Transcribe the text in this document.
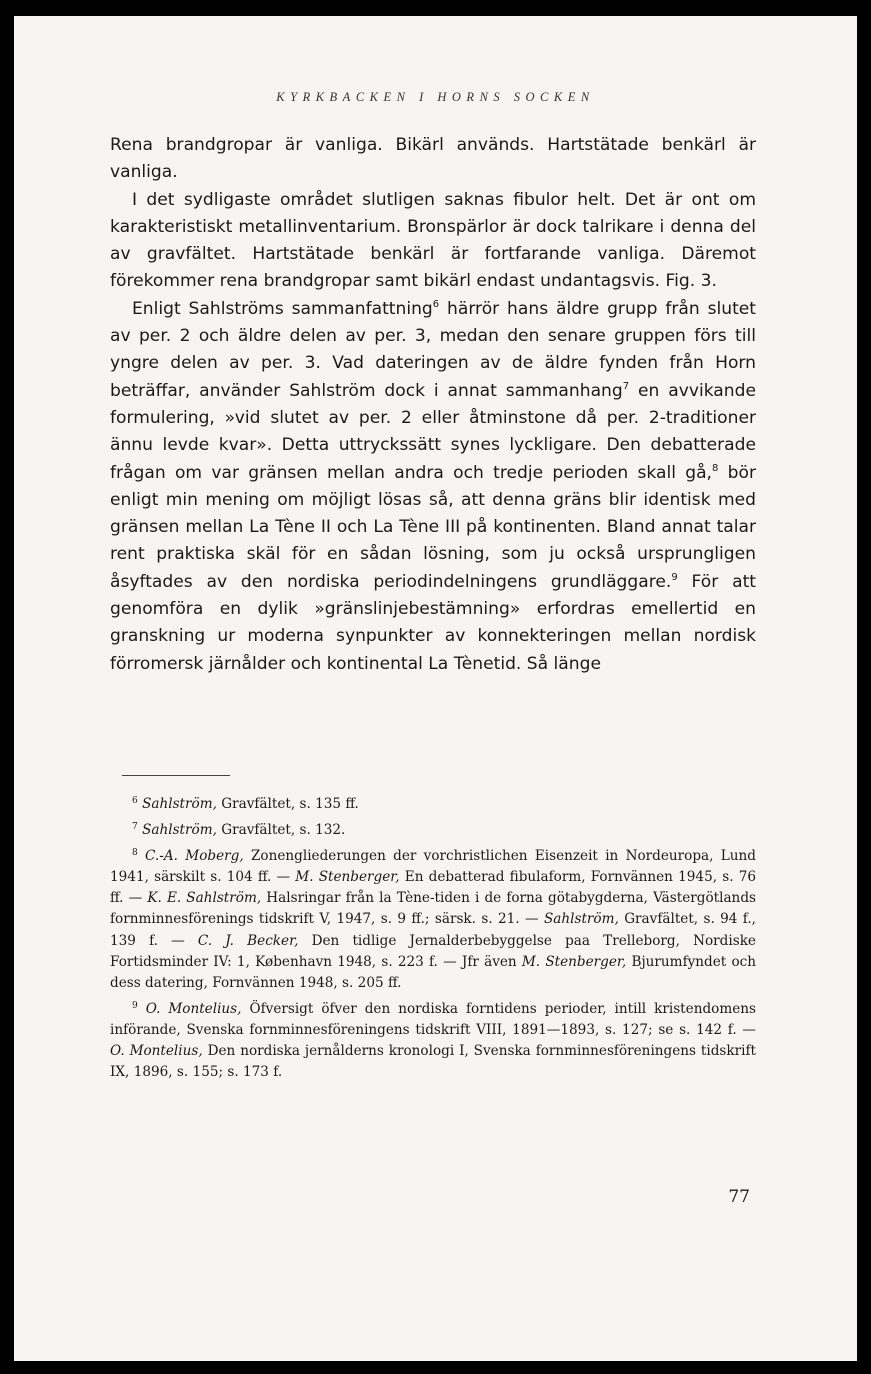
KYRKBACKEN I HORNS SOCKEN

Rena brandgropar är vanliga. Bikärl används. Hartstätade benkärl är vanliga.

I det sydligaste området slutligen saknas fibulor helt. Det är ont om karakteristiskt metallinventarium. Bronspärlor är dock talrikare i denna del av gravfältet. Hartstätade benkärl är fortfarande vanliga. Däremot förekommer rena brandgropar samt bikärl endast undantagsvis. Fig. 3.

Enligt Sahlströms sammanfattning$^6$ härrör hans äldre grupp från slutet av per. 2 och äldre delen av per. 3, medan den senare gruppen förs till yngre delen av per. 3. Vad dateringen av de äldre fynden från Horn beträffar, använder Sahlström dock i annat sammanhang$^7$ en avvikande formulering, »vid slutet av per. 2 eller åtminstone då per. 2-traditioner ännu levde kvar». Detta uttryckssätt synes lyckligare. Den debatterade frågan om var gränsen mellan andra och tredje perioden skall gå,$^8$ bör enligt min mening om möjligt lösas så, att denna gräns blir identisk med gränsen mellan La Tène II och La Tène III på kontinenten. Bland annat talar rent praktiska skäl för en sådan lösning, som ju också ursprungligen åsyftades av den nordiska periodindelningens grundläggare.$^9$ För att genomföra en dylik »gränslinjebestämning» erfordras emellertid en granskning ur moderna synpunkter av konnekteringen mellan nordisk förromersk järnålder och kontinental La Tènetid. Så länge

$^6$ Sahlström, Gravfältet, s. 135 ff.

$^7$ Sahlström, Gravfältet, s. 132.

$^8$ C.-A. Moberg, Zonengliederungen der vorchristlichen Eisenzeit in Nordeuropa, Lund 1941, särskilt s. 104 ff. — M. Stenberger, En debatterad fibulaform, Fornvännen 1945, s. 76 ff. — K. E. Sahlström, Halsringar från la Tène-tiden i de forna götabygderna, Västergötlands fornminnesförenings tidskrift V, 1947, s. 9 ff.; särsk. s. 21. — Sahlström, Gravfältet, s. 94 f., 139 f. — C. J. Becker, Den tidlige Jernalderbebyggelse paa Trelleborg, Nordiske Fortidsminder IV: 1, København 1948, s. 223 f. — Jfr även M. Stenberger, Bjurumfyndet och dess datering, Fornvännen 1948, s. 205 ff.

$^9$ O. Montelius, Öfversigt öfver den nordiska forntidens perioder, intill kristendomens införande, Svenska fornminnesföreningens tidskrift VIII, 1891—1893, s. 127; se s. 142 f. — O. Montelius, Den nordiska jernålderns kronologi I, Svenska fornminnesföreningens tidskrift IX, 1896, s. 155; s. 173 f.

77
